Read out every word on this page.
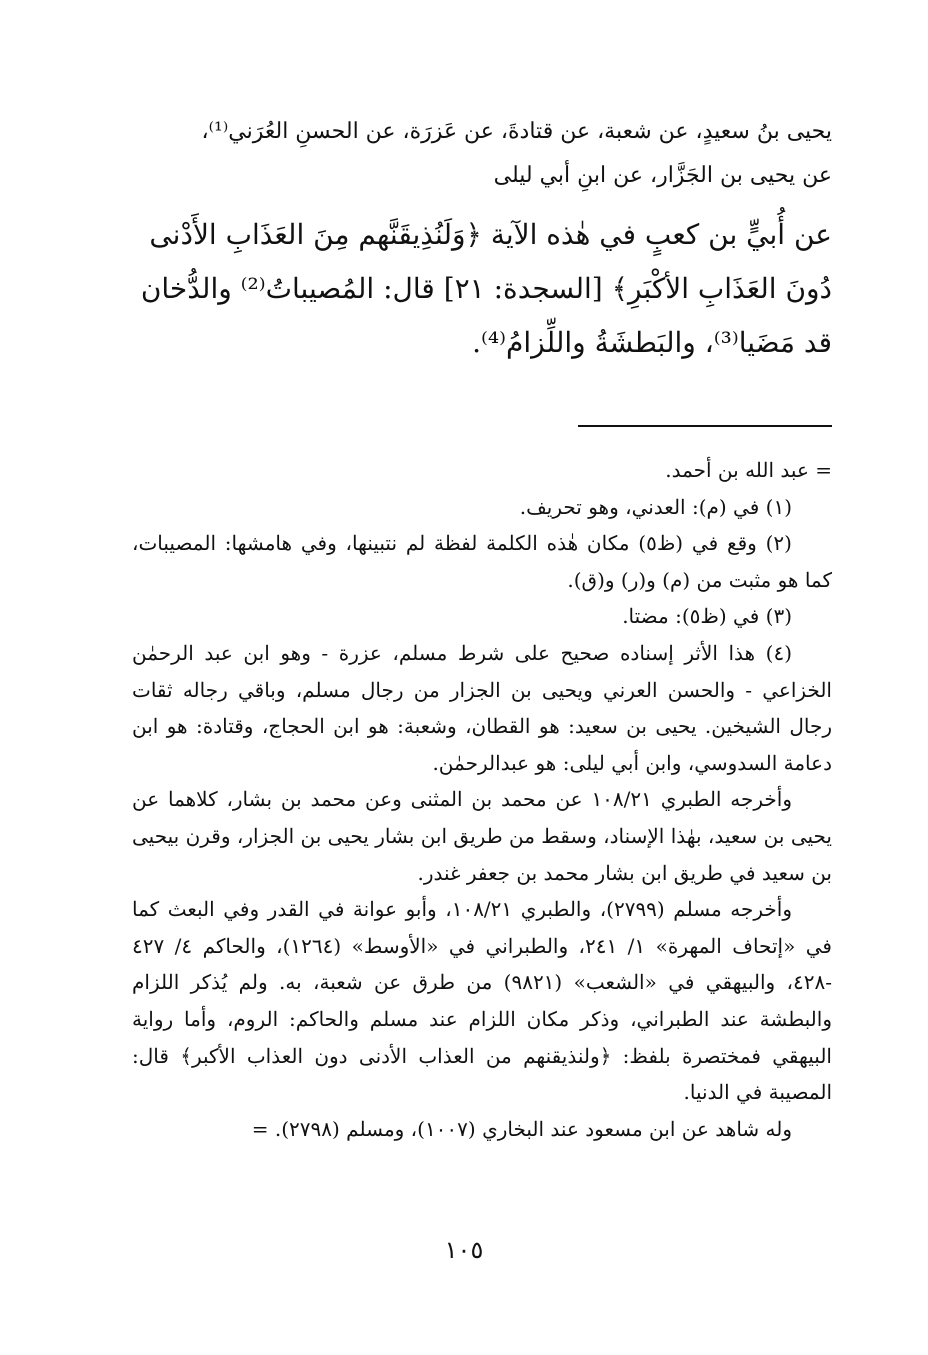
يحيى بنُ سعيدٍ، عن شعبة، عن قتادةَ، عن عَزرَة، عن الحسنِ العُرَني⁽¹⁾،
عن يحيى بن الجَزَّار، عن ابنِ أبي ليلى
عن أُبيٍّ بن كعبٍ في هٰذه الآية ﴿وَلَنُذِيقَنَّهم مِنَ العَذَابِ الأَدْنى
دُونَ العَذَابِ الأكْبَرِ﴾ [السجدة: ٢١] قال: المُصيباتُ⁽²⁾ والدُّخان
قد مَضَيا⁽³⁾، والبَطشَةُ واللِّزامُ⁽⁴⁾.

= عبد الله بن أحمد.

(١) في (م): العدني، وهو تحريف.

(٢) وقع في (ظ٥) مكان هٰذه الكلمة لفظة لم نتبينها، وفي هامشها: المصيبات، كما هو مثبت من (م) و(ر) و(ق).

(٣) في (ظ٥): مضتا.

(٤) هذا الأثر إسناده صحيح على شرط مسلم، عزرة - وهو ابن عبد الرحمٰن الخزاعي - والحسن العرني ويحيى بن الجزار من رجال مسلم، وباقي رجاله ثقات رجال الشيخين. يحيى بن سعيد: هو القطان، وشعبة: هو ابن الحجاج، وقتادة: هو ابن دعامة السدوسي، وابن أبي ليلى: هو عبدالرحمٰن.

وأخرجه الطبري ١٠٨/٢١ عن محمد بن المثنى وعن محمد بن بشار، كلاهما عن يحيى بن سعيد، بهٰذا الإسناد، وسقط من طريق ابن بشار يحيى بن الجزار، وقرن بيحيى بن سعيد في طريق ابن بشار محمد بن جعفر غندر.

وأخرجه مسلم (٢٧٩٩)، والطبري ١٠٨/٢١، وأبو عوانة في القدر وفي البعث كما في «إتحاف المهرة» ١/ ٢٤١، والطبراني في «الأوسط» (١٢٦٤)، والحاكم ٤/ ٤٢٧ -٤٢٨، والبيهقي في «الشعب» (٩٨٢١) من طرق عن شعبة، به. ولم يُذكر اللزام والبطشة عند الطبراني، وذكر مكان اللزام عند مسلم والحاكم: الروم، وأما رواية البيهقي فمختصرة بلفظ: ﴿ولنذيقنهم من العذاب الأدنى دون العذاب الأكبر﴾ قال: المصيبة في الدنيا.

وله شاهد عن ابن مسعود عند البخاري (١٠٠٧)، ومسلم (٢٧٩٨). =

١٠٥
